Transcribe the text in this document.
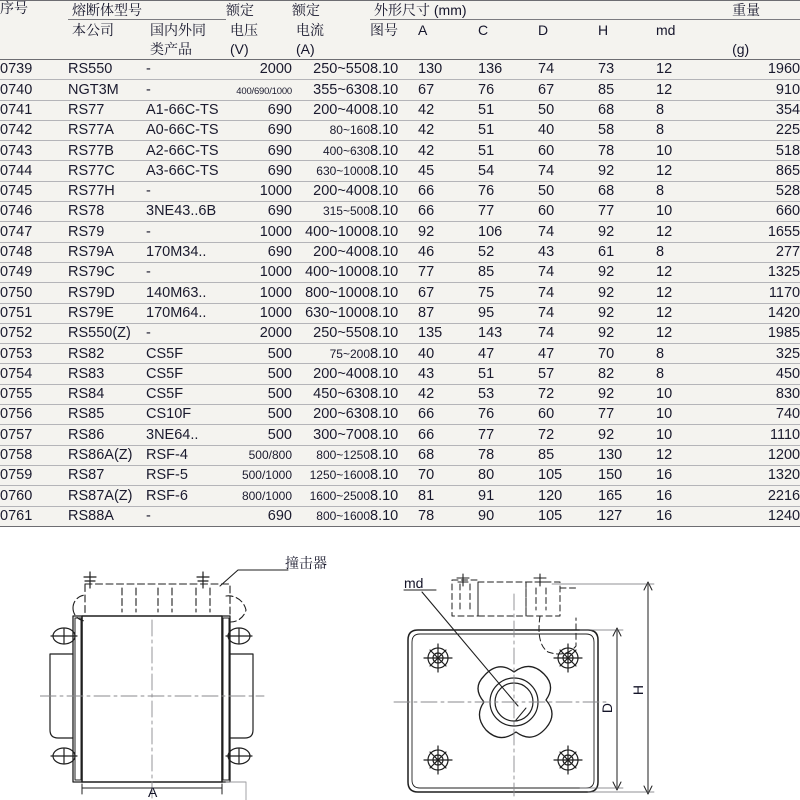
序号	熔断体型号		额定	额定	外形尺寸 (mm)						重量

	本公司	国内外同	电压	电流	图号	A	C	D	H	md	

		类产品	(V)	(A)							(g)

0739	RS550	-	2000	250~550	8.10	130	136	74	73	12	1960
0740	NGT3M	-	400/690/1000	355~630	8.10	67	76	67	85	12	910
0741	RS77	A1-66C-TS	690	200~400	8.10	42	51	50	68	8	354
0742	RS77A	A0-66C-TS	690	80~160	8.10	42	51	40	58	8	225
0743	RS77B	A2-66C-TS	690	400~630	8.10	42	51	60	78	10	518
0744	RS77C	A3-66C-TS	690	630~1000	8.10	45	54	74	92	12	865
0745	RS77H	-	1000	200~400	8.10	66	76	50	68	8	528
0746	RS78	3NE43..6B	690	315~500	8.10	66	77	60	77	10	660
0747	RS79	-	1000	400~1000	8.10	92	106	74	92	12	1655
0748	RS79A	170M34..	690	200~400	8.10	46	52	43	61	8	277
0749	RS79C	-	1000	400~1000	8.10	77	85	74	92	12	1325
0750	RS79D	140M63..	1000	800~1000	8.10	67	75	74	92	12	1170
0751	RS79E	170M64..	1000	630~1000	8.10	87	95	74	92	12	1420
0752	RS550(Z)	-	2000	250~550	8.10	135	143	74	92	12	1985
0753	RS82	CS5F	500	75~200	8.10	40	47	47	70	8	325
0754	RS83	CS5F	500	200~400	8.10	43	51	57	82	8	450
0755	RS84	CS5F	500	450~630	8.10	42	53	72	92	10	830
0756	RS85	CS10F	500	200~630	8.10	66	76	60	77	10	740
0757	RS86	3NE64..	500	300~700	8.10	66	77	72	92	10	1110
0758	RS86A(Z)	RSF-4	500/800	800~1250	8.10	68	78	85	130	12	1200
0759	RS87	RSF-5	500/1000	1250~1600	8.10	70	80	105	150	16	1320
0760	RS87A(Z)	RSF-6	800/1000	1600~2500	8.10	81	91	120	165	16	2216
0761	RS88A	-	690	800~1600	8.10	78	90	105	127	16	1240
撞击器
A
md
D
H
